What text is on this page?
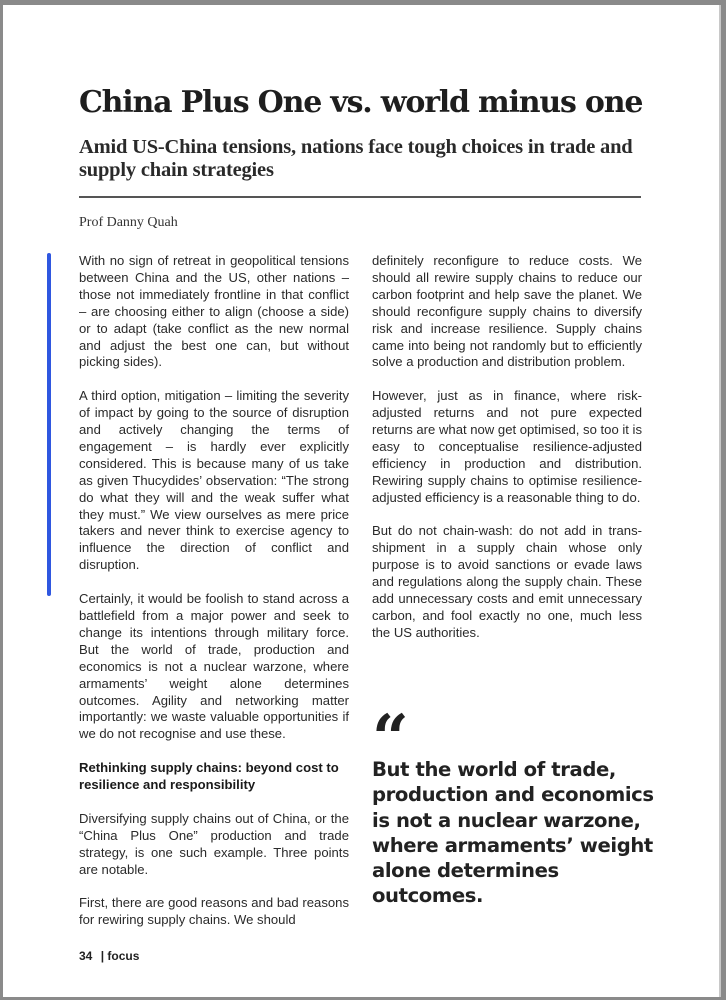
China Plus One vs. world minus one
Amid US-China tensions, nations face tough choices in trade and supply chain strategies
Prof Danny Quah

With no sign of retreat in geopolitical tensions between China and the US, other nations – those not immediately frontline in that conflict – are choosing either to align (choose a side) or to adapt (take conflict as the new normal and adjust the best one can, but without picking sides).

A third option, mitigation – limiting the severity of impact by going to the source of disruption and actively changing the terms of engagement – is hardly ever explicitly considered. This is because many of us take as given Thucydides’ observation: “The strong do what they will and the weak suffer what they must.” We view ourselves as mere price takers and never think to exercise agency to influence the direction of conflict and disruption.

Certainly, it would be foolish to stand across a battlefield from a major power and seek to change its intentions through military force. But the world of trade, production and economics is not a nuclear warzone, where armaments’ weight alone determines outcomes. Agility and networking matter importantly: we waste valuable opportunities if we do not recognise and use these.

Rethinking supply chains: beyond cost to resilience and responsibility

Diversifying supply chains out of China, or the “China Plus One” production and trade strategy, is one such example. Three points are notable.

First, there are good reasons and bad reasons for rewiring supply chains. We should

definitely reconfigure to reduce costs. We should all rewire supply chains to reduce our carbon footprint and help save the planet. We should reconfigure supply chains to diversify risk and increase resilience. Supply chains came into being not randomly but to efficiently solve a production and distribution problem.

However, just as in finance, where risk-adjusted returns and not pure expected returns are what now get optimised, so too it is easy to conceptualise resilience-adjusted efficiency in production and distribution. Rewiring supply chains to optimise resilience-adjusted efficiency is a reasonable thing to do.

But do not chain-wash: do not add in trans-shipment in a supply chain whose only purpose is to avoid sanctions or evade laws and regulations along the supply chain. These add unnecessary costs and emit unnecessary carbon, and fool exactly no one, much less the US authorities.

“
But the world of trade, production and economics is not a nuclear warzone, where armaments’ weight alone determines outcomes.
34 | focus
